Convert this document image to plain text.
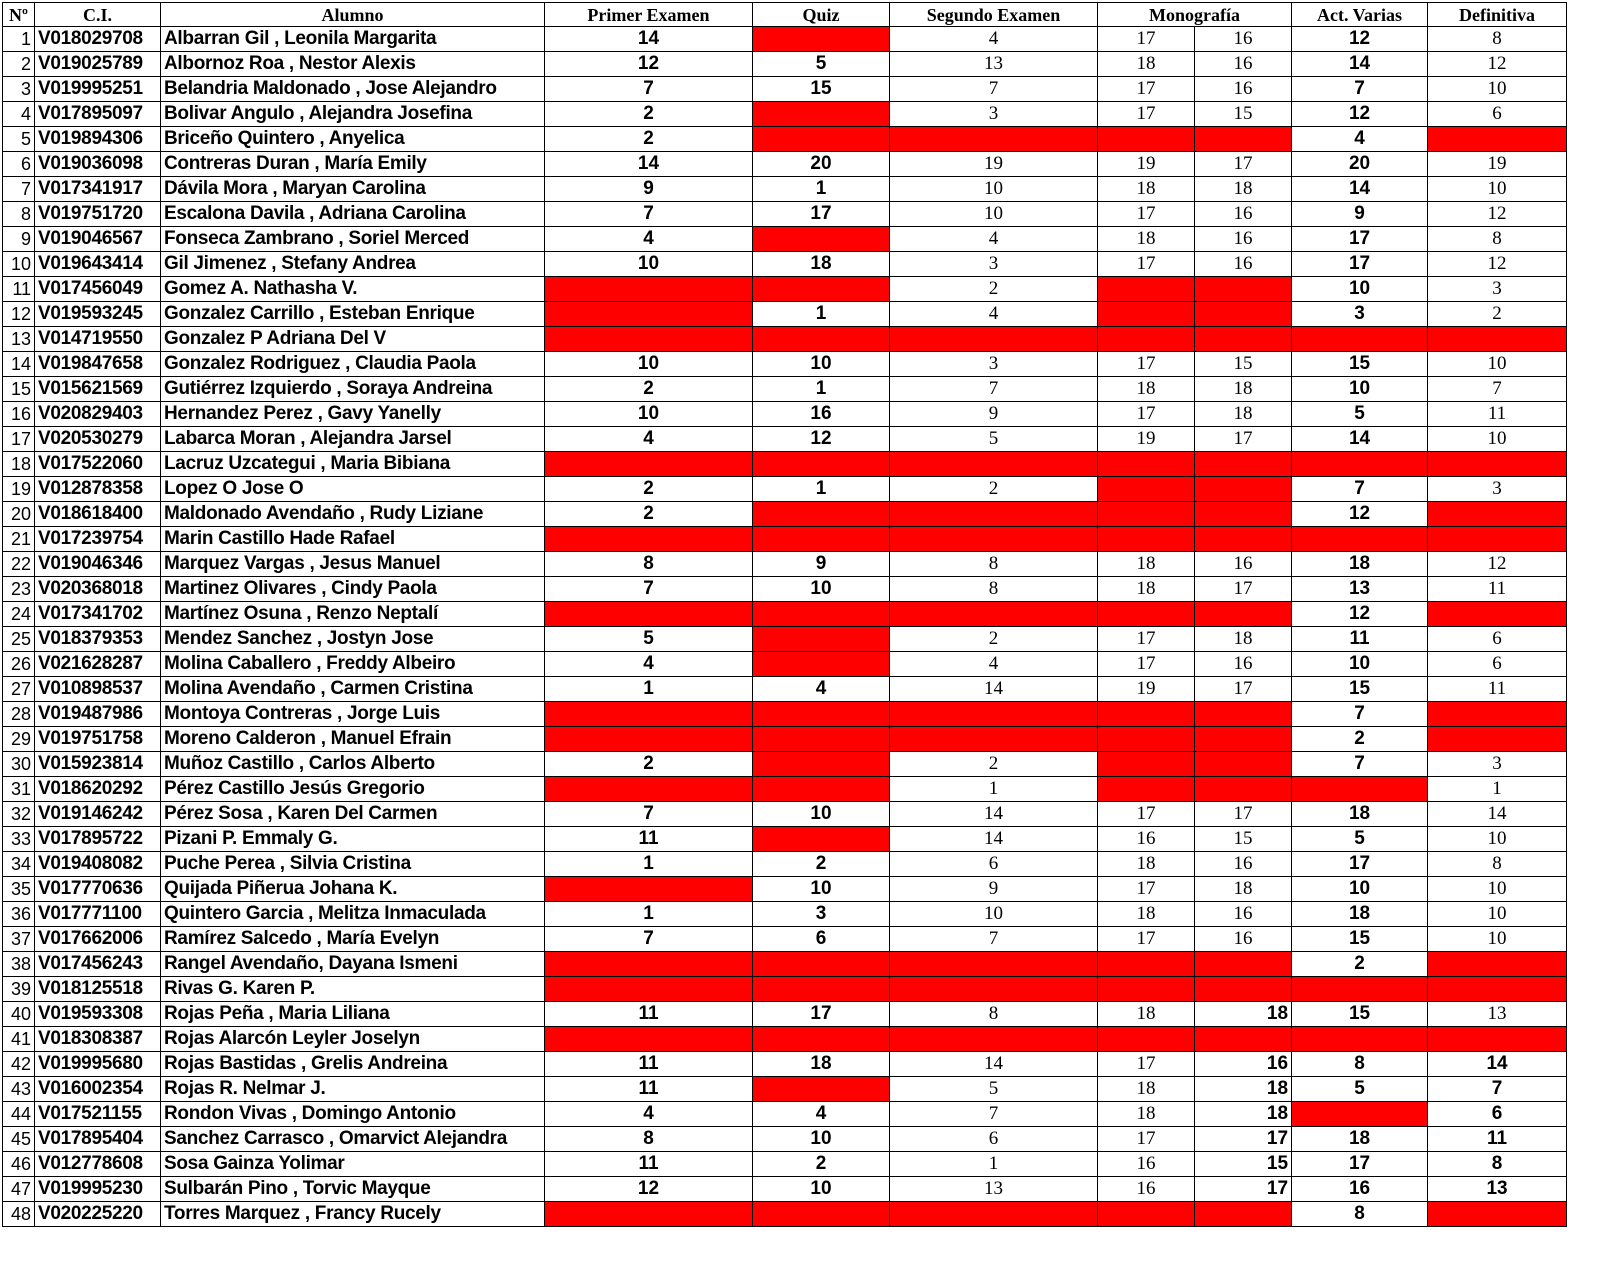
Nº	C.I.	Alumno	Primer Examen	Quiz	Segundo Examen	Monografía		Act. Varias	Definitiva
1	V018029708	Albarran Gil , Leonila Margarita	14		4	17	16	12	8
2	V019025789	Albornoz Roa , Nestor Alexis	12	5	13	18	16	14	12
3	V019995251	Belandria Maldonado , Jose Alejandro	7	15	7	17	16	7	10
4	V017895097	Bolivar Angulo , Alejandra Josefina	2		3	17	15	12	6
5	V019894306	Briceño Quintero , Anyelica	2					4	
6	V019036098	Contreras Duran , María Emily	14	20	19	19	17	20	19
7	V017341917	Dávila Mora , Maryan Carolina	9	1	10	18	18	14	10
8	V019751720	Escalona Davila , Adriana Carolina	7	17	10	17	16	9	12
9	V019046567	Fonseca Zambrano , Soriel Merced	4		4	18	16	17	8
10	V019643414	Gil Jimenez , Stefany Andrea	10	18	3	17	16	17	12
11	V017456049	Gomez A. Nathasha V.			2			10	3
12	V019593245	Gonzalez Carrillo , Esteban Enrique		1	4			3	2
13	V014719550	Gonzalez P Adriana Del V							
14	V019847658	Gonzalez Rodriguez , Claudia Paola	10	10	3	17	15	15	10
15	V015621569	Gutiérrez Izquierdo , Soraya Andreina	2	1	7	18	18	10	7
16	V020829403	Hernandez Perez , Gavy Yanelly	10	16	9	17	18	5	11
17	V020530279	Labarca Moran , Alejandra Jarsel	4	12	5	19	17	14	10
18	V017522060	Lacruz Uzcategui , Maria Bibiana							
19	V012878358	Lopez O Jose O	2	1	2			7	3
20	V018618400	Maldonado Avendaño , Rudy Liziane	2					12	
21	V017239754	Marin Castillo Hade Rafael							
22	V019046346	Marquez Vargas , Jesus Manuel	8	9	8	18	16	18	12
23	V020368018	Martinez Olivares , Cindy Paola	7	10	8	18	17	13	11
24	V017341702	Martínez Osuna , Renzo Neptalí						12	
25	V018379353	Mendez Sanchez , Jostyn Jose	5		2	17	18	11	6
26	V021628287	Molina Caballero , Freddy Albeiro	4		4	17	16	10	6
27	V010898537	Molina Avendaño , Carmen Cristina	1	4	14	19	17	15	11
28	V019487986	Montoya Contreras , Jorge Luis						7	
29	V019751758	Moreno Calderon , Manuel Efrain						2	
30	V015923814	Muñoz Castillo , Carlos Alberto	2		2			7	3
31	V018620292	Pérez Castillo Jesús Gregorio			1				1
32	V019146242	Pérez Sosa , Karen Del Carmen	7	10	14	17	17	18	14
33	V017895722	Pizani P. Emmaly G.	11		14	16	15	5	10
34	V019408082	Puche Perea , Silvia Cristina	1	2	6	18	16	17	8
35	V017770636	Quijada Piñerua Johana K.		10	9	17	18	10	10
36	V017771100	Quintero Garcia , Melitza Inmaculada	1	3	10	18	16	18	10
37	V017662006	Ramírez Salcedo , María Evelyn	7	6	7	17	16	15	10
38	V017456243	Rangel Avendaño, Dayana Ismeni						2	
39	V018125518	Rivas G. Karen P.							
40	V019593308	Rojas Peña , Maria Liliana	11	17	8	18	18	15	13
41	V018308387	Rojas Alarcón Leyler Joselyn							
42	V019995680	Rojas Bastidas , Grelis Andreina	11	18	14	17	16	8	14
43	V016002354	Rojas R. Nelmar J.	11		5	18	18	5	7
44	V017521155	Rondon Vivas , Domingo Antonio	4	4	7	18	18		6
45	V017895404	Sanchez Carrasco , Omarvict Alejandra	8	10	6	17	17	18	11
46	V012778608	Sosa Gainza Yolimar	11	2	1	16	15	17	8
47	V019995230	Sulbarán Pino , Torvic Mayque	12	10	13	16	17	16	13
48	V020225220	Torres Marquez , Francy Rucely						8	
